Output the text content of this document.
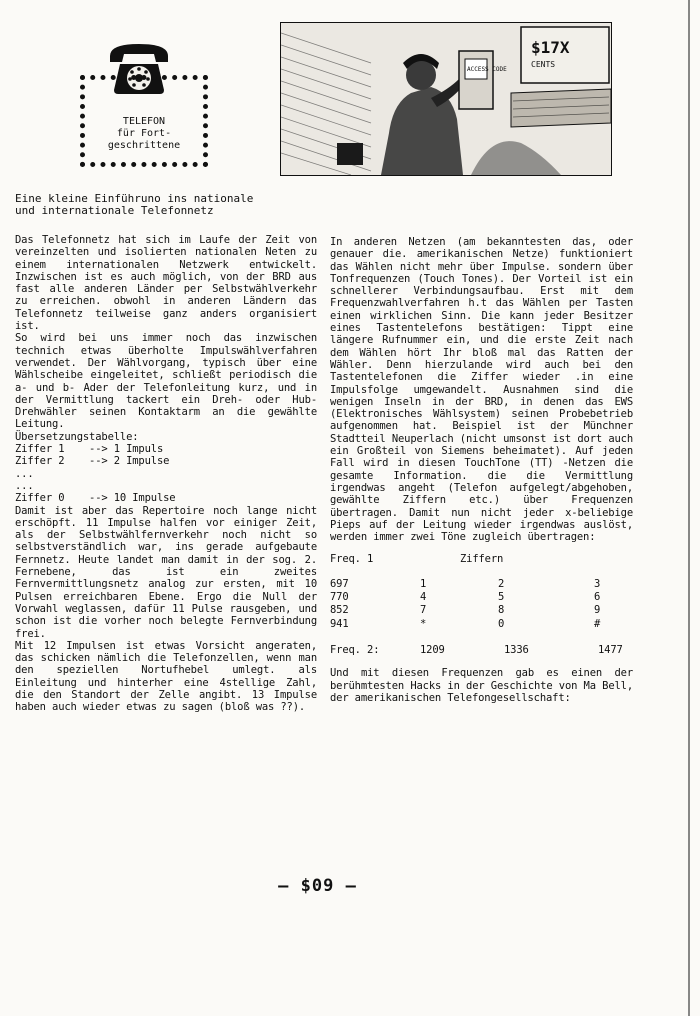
TELEFON
für Fort-
geschrittene
ACCESS CODE
$17X
CENTS
Eine kleine Einführuno ins nationale
und internationale Telefonnetz

Das Telefonnetz hat sich im Laufe der Zeit von vereinzelten und isolierten nationalen Neten zu einem internationalen Netzwerk entwickelt. Inzwischen ist es auch möglich, von der BRD aus fast alle anderen Länder per Selbstwählverkehr zu erreichen. obwohl in anderen Ländern das Telefonnetz teilweise ganz anders organisiert ist.

So wird bei uns immer noch das inzwischen technich etwas überholte Impulswählverfahren verwendet. Der Wählvorgang, typisch über eine Wählscheibe eingeleitet, schließt periodisch die a- und b- Ader der Telefonleitung kurz, und in der Vermittlung tackert ein Dreh- oder Hub-Drehwähler seinen Kontaktarm an die gewählte Leitung.

Übersetzungstabelle:

Ziffer 1    --> 1 Impuls
Ziffer 2    --> 2 Impulse
...
...
Ziffer 0    --> 10 Impulse

Damit ist aber das Repertoire noch lange nicht erschöpft. 11 Impulse halfen vor einiger Zeit, als der Selbstwählfernverkehr noch nicht so selbstverständlich war, ins gerade aufgebaute Fernnetz. Heute landet man damit in der sog. 2. Fernebene, das ist ein zweites Fernvermittlungsnetz analog zur ersten, mit 10 Pulsen erreichbaren Ebene. Ergo die Null der Vorwahl weglassen, dafür 11 Pulse rausgeben, und schon ist die vorher noch belegte Fernverbindung frei.

Mit 12 Impulsen ist etwas Vorsicht angeraten, das schicken nämlich die Telefonzellen, wenn man den speziellen Nortufhebel umlegt. als Einleitung und hinterher eine 4stellige Zahl, die den Standort der Zelle angibt. 13 Impulse haben auch wieder etwas zu sagen (bloß was ??).

In anderen Netzen (am bekanntesten das, oder genauer die. amerikanischen Netze) funktioniert das Wählen nicht mehr über Impulse. sondern über Tonfrequenzen (Touch Tones). Der Vorteil ist ein schnellerer Verbindungsaufbau. Erst mit dem Frequenzwahlverfahren h.t das Wählen per Tasten einen wirklichen Sinn. Die kann jeder Besitzer eines Tastentelefons bestätigen: Tippt eine längere Rufnummer ein, und die erste Zeit nach dem Wählen hört Ihr bloß mal das Ratten der Wähler. Denn hierzulande wird auch bei den Tastentelefonen die Ziffer wieder .in eine Impulsfolge umgewandelt. Ausnahmen sind die wenigen Inseln in der BRD, in denen das EWS (Elektronisches Wählsystem) seinen Probebetrieb aufgenommen hat. Beispiel ist der Münchner Stadtteil Neuperlach (nicht umsonst ist dort auch ein Großteil von Siemens beheimatet). Auf jeden Fall wird in diesen TouchTone (TT) -Netzen die gesamte Information. die die Vermittlung irgendwas angeht (Telefon aufgelegt/abgehoben, gewählte Ziffern etc.) über Frequenzen übertragen. Damit nun nicht jeder x-beliebige Pieps auf der Leitung wieder irgendwas auslöst, werden immer zwei Töne zugleich übertragen:

Freq. 1	Ziffern		

697	1	2	3
770	4	5	6
852	7	8	9
941	*	0	#

Freq. 2:	1209	1336	1477

Und mit diesen Frequenzen gab es einen der berühmtesten Hacks in der Geschichte von Ma Bell, der amerikanischen Telefongesellschaft:

— $09 —
